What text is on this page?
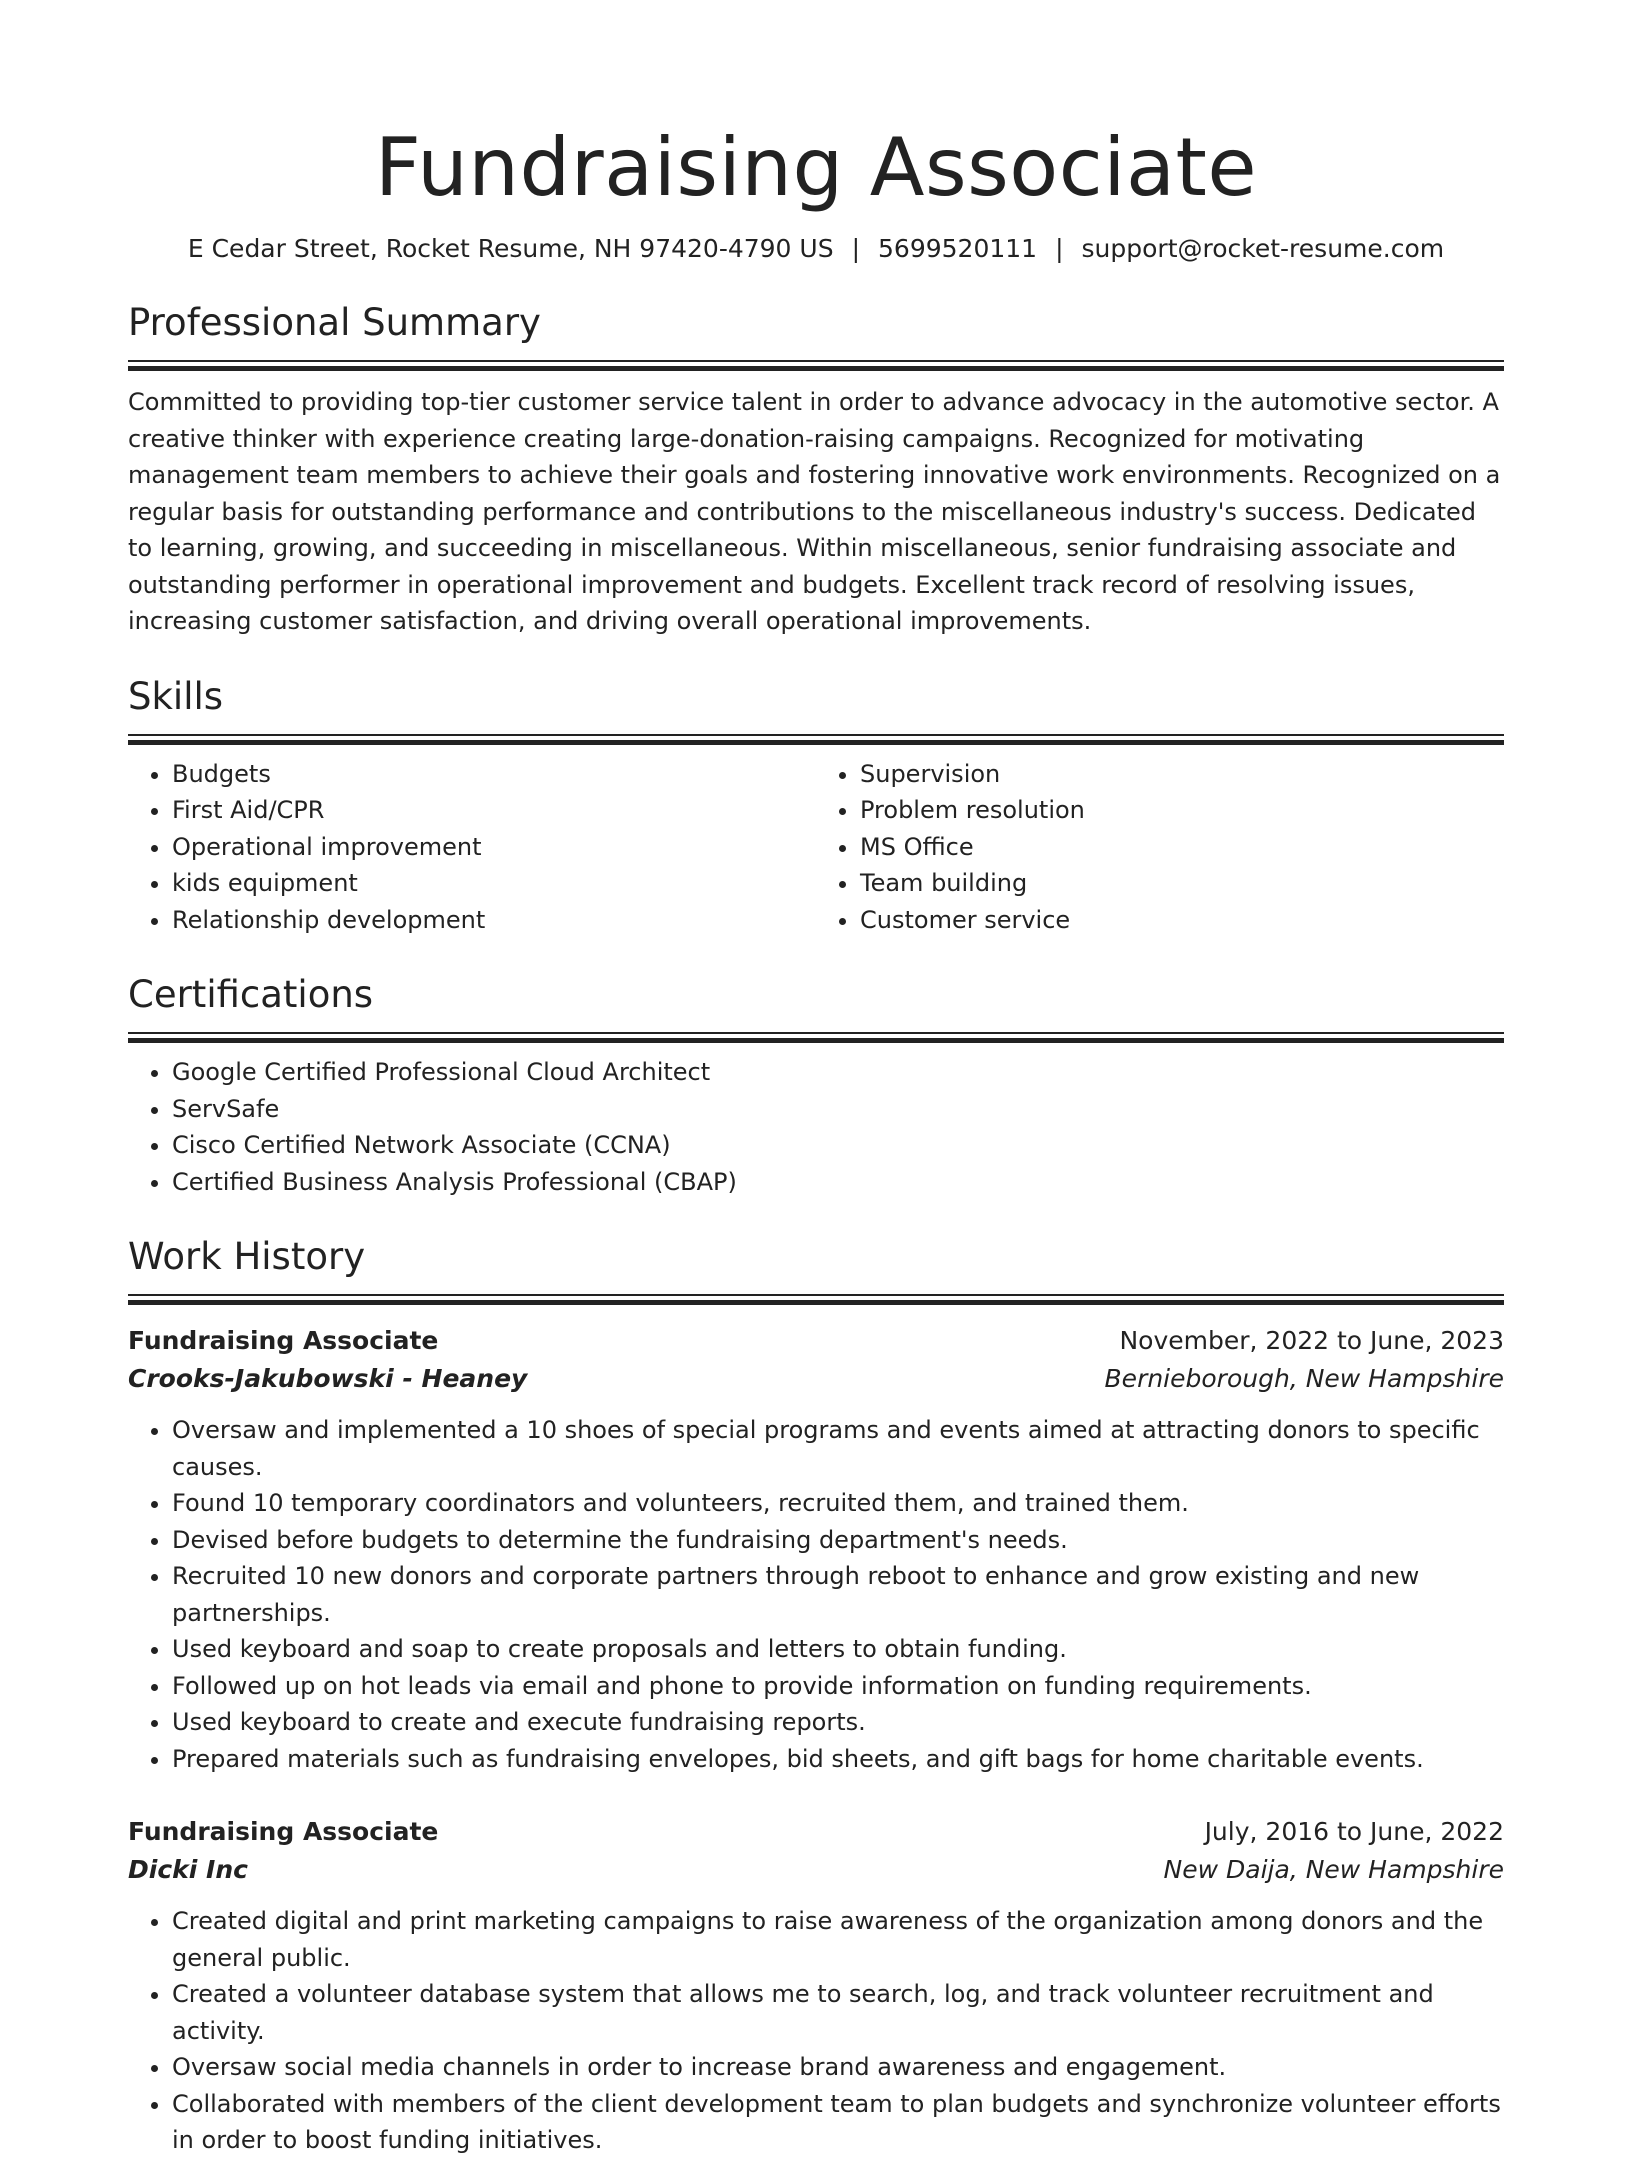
Fundraising Associate
E Cedar Street, Rocket Resume, NH 97420-4790 US | 5699520111 | support@rocket-resume.com
Professional Summary
Committed to providing top-tier customer service talent in order to advance advocacy in the automotive sector. A creative thinker with experience creating large-donation-raising campaigns. Recognized for motivating management team members to achieve their goals and fostering innovative work environments. Recognized on a regular basis for outstanding performance and contributions to the miscellaneous industry's success. Dedicated to learning, growing, and succeeding in miscellaneous. Within miscellaneous, senior fundraising associate and outstanding performer in operational improvement and budgets. Excellent track record of resolving issues, increasing customer satisfaction, and driving overall operational improvements.
Skills
• Budgets
• First Aid/CPR
• Operational improvement
• kids equipment
• Relationship development
• Supervision
• Problem resolution
• MS Office
• Team building
• Customer service
Certifications
• Google Certified Professional Cloud Architect
• ServSafe
• Cisco Certified Network Associate (CCNA)
• Certified Business Analysis Professional (CBAP)
Work History
Fundraising Associate	November, 2022 to June, 2023
Crooks-Jakubowski - Heaney	Bernieborough, New Hampshire
• Oversaw and implemented a 10 shoes of special programs and events aimed at attracting donors to specific causes.
• Found 10 temporary coordinators and volunteers, recruited them, and trained them.
• Devised before budgets to determine the fundraising department's needs.
• Recruited 10 new donors and corporate partners through reboot to enhance and grow existing and new partnerships.
• Used keyboard and soap to create proposals and letters to obtain funding.
• Followed up on hot leads via email and phone to provide information on funding requirements.
• Used keyboard to create and execute fundraising reports.
• Prepared materials such as fundraising envelopes, bid sheets, and gift bags for home charitable events.
Fundraising Associate	July, 2016 to June, 2022
Dicki Inc	New Daija, New Hampshire
• Created digital and print marketing campaigns to raise awareness of the organization among donors and the general public.
• Created a volunteer database system that allows me to search, log, and track volunteer recruitment and activity.
• Oversaw social media channels in order to increase brand awareness and engagement.
• Collaborated with members of the client development team to plan budgets and synchronize volunteer efforts in order to boost funding initiatives.
